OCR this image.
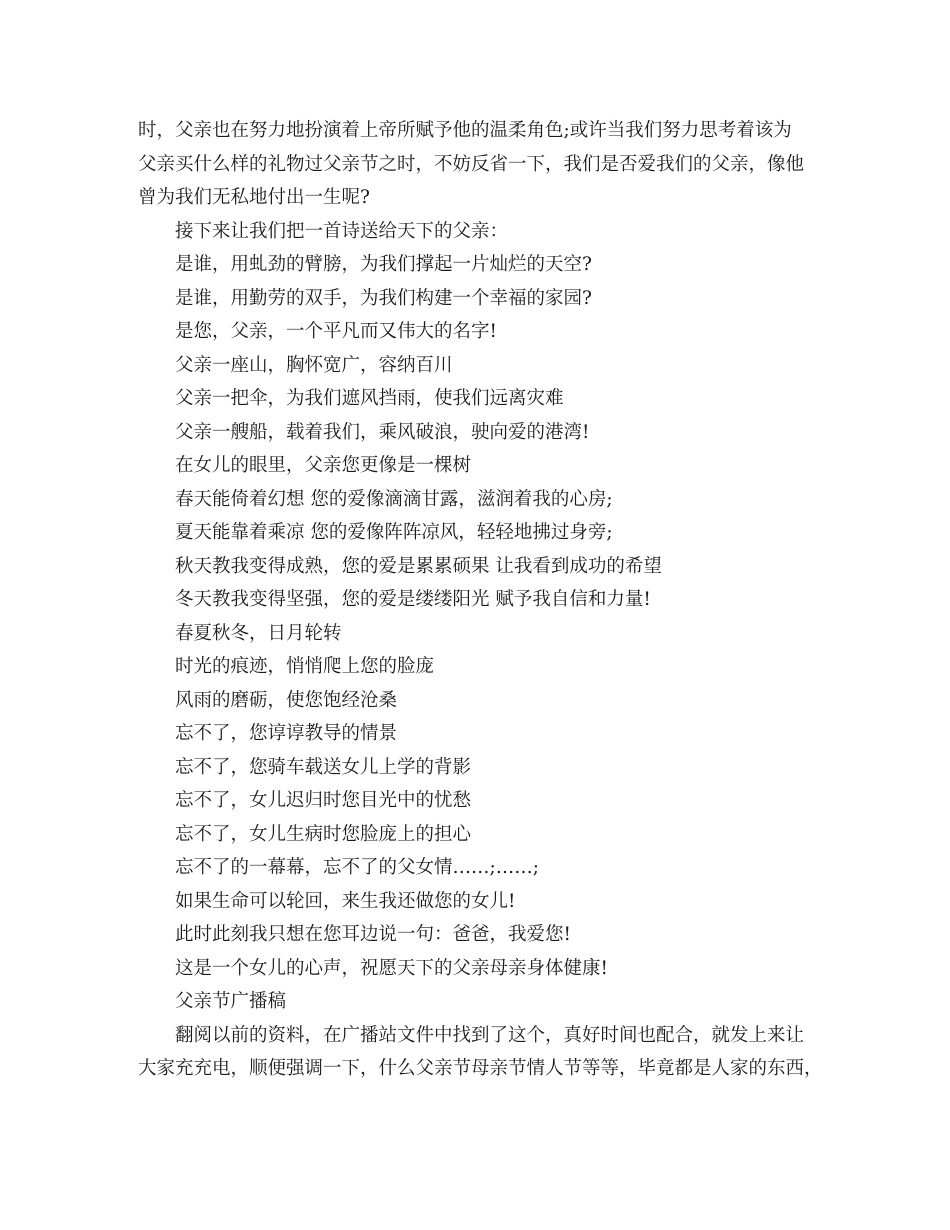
时，父亲也在努力地扮演着上帝所赋予他的温柔角色;或许当我们努力思考着该为
父亲买什么样的礼物过父亲节之时，不妨反省一下，我们是否爱我们的父亲，像他
曾为我们无私地付出一生呢?
接下来让我们把一首诗送给天下的父亲：
是谁，用虬劲的臂膀，为我们撑起一片灿烂的天空?
是谁，用勤劳的双手，为我们构建一个幸福的家园?
是您，父亲，一个平凡而又伟大的名字!
父亲一座山，胸怀宽广，容纳百川
父亲一把伞，为我们遮风挡雨，使我们远离灾难
父亲一艘船，载着我们，乘风破浪，驶向爱的港湾!
在女儿的眼里，父亲您更像是一棵树
春天能倚着幻想 您的爱像滴滴甘露，滋润着我的心房;
夏天能靠着乘凉 您的爱像阵阵凉风，轻轻地拂过身旁;
秋天教我变得成熟，您的爱是累累硕果 让我看到成功的希望
冬天教我变得坚强，您的爱是缕缕阳光 赋予我自信和力量!
春夏秋冬，日月轮转
时光的痕迹，悄悄爬上您的脸庞
风雨的磨砺，使您饱经沧桑
忘不了，您谆谆教导的情景
忘不了，您骑车载送女儿上学的背影
忘不了，女儿迟归时您目光中的忧愁
忘不了，女儿生病时您脸庞上的担心
忘不了的一幕幕，忘不了的父女情……;……;
如果生命可以轮回，来生我还做您的女儿!
此时此刻我只想在您耳边说一句：爸爸，我爱您!
这是一个女儿的心声，祝愿天下的父亲母亲身体健康!
父亲节广播稿
翻阅以前的资料，在广播站文件中找到了这个，真好时间也配合，就发上来让
大家充充电，顺便强调一下，什么父亲节母亲节情人节等等，毕竟都是人家的东西，
